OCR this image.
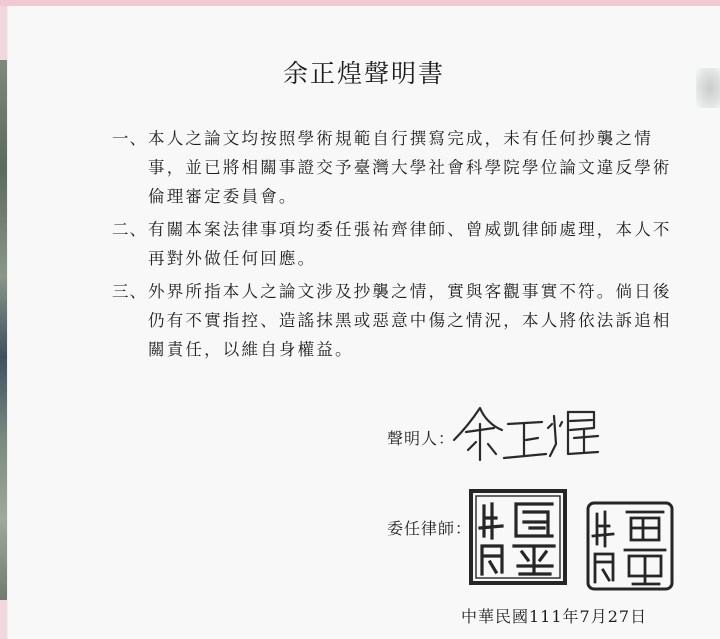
余正煌聲明書
一、 本人之論文均按照學術規範自行撰寫完成，未有任何抄襲之情事，並已將相關事證交予臺灣大學社會科學院學位論文違反學術倫理審定委員會。
二、 有關本案法律事項均委任張祐齊律師、曾威凱律師處理，本人不再對外做任何回應。
三、 外界所指本人之論文涉及抄襲之情，實與客觀事實不符。倘日後仍有不實指控、造謠抹黑或惡意中傷之情況，本人將依法訴追相關責任，以維自身權益。
聲明人：
委任律師：
中華民國111年7月27日
